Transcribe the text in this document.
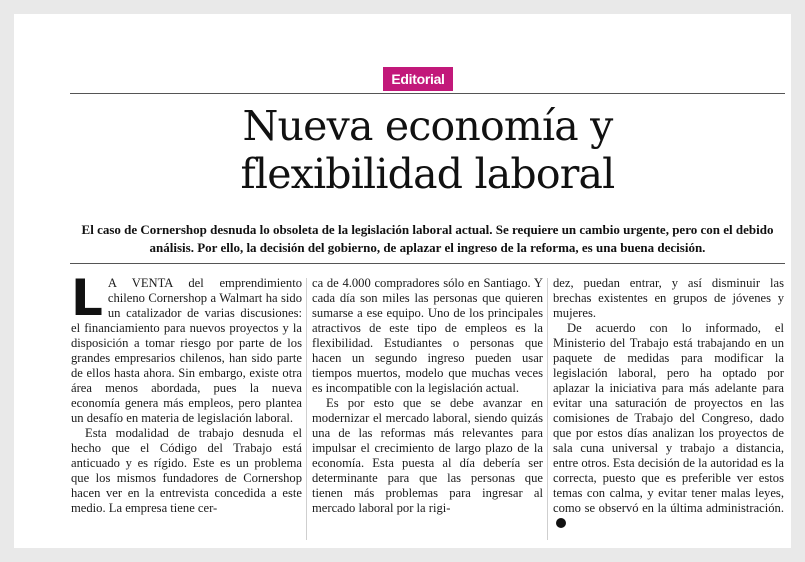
Editorial
Nueva economía y
flexibilidad laboral

El caso de Cornershop desnuda lo obsoleta de la legislación laboral actual. Se requiere un cambio urgente, pero con el debido análisis. Por ello, la decisión del gobierno, de aplazar el ingreso de la reforma, es una buena decisión.

L A VENTA del emprendimiento chileno Cornershop a Walmart ha sido un catalizador de varias discusiones: el financiamiento para nuevos proyectos y la disposición a tomar riesgo por parte de los grandes empresarios chilenos, han sido parte de ellos hasta ahora. Sin embargo, existe otra área menos abordada, pues la nueva economía genera más empleos, pero plantea un desafío en materia de legislación laboral.

Esta modalidad de trabajo desnuda el hecho que el Código del Trabajo está anticuado y es rígido. Este es un problema que los mismos fundadores de Cornershop hacen ver en la entrevista concedida a este medio. La empresa tiene cer-

ca de 4.000 compradores sólo en Santiago. Y cada día son miles las personas que quieren sumarse a ese equipo. Uno de los principales atractivos de este tipo de empleos es la flexibilidad. Estudiantes o personas que hacen un segundo ingreso pueden usar tiempos muertos, modelo que muchas veces es incompatible con la legislación actual.

Es por esto que se debe avanzar en modernizar el mercado laboral, siendo quizás una de las reformas más relevantes para impulsar el crecimiento de largo plazo de la economía. Esta puesta al día debería ser determinante para que las personas que tienen más problemas para ingresar al mercado laboral por la rigi-

dez, puedan entrar, y así disminuir las brechas existentes en grupos de jóvenes y mujeres.

De acuerdo con lo informado, el Ministerio del Trabajo está trabajando en un paquete de medidas para modificar la legislación laboral, pero ha optado por aplazar la iniciativa para más adelante para evitar una saturación de proyectos en las comisiones de Trabajo del Congreso, dado que por estos días analizan los proyectos de sala cuna universal y trabajo a distancia, entre otros. Esta decisión de la autoridad es la correcta, puesto que es preferible ver estos temas con calma, y evitar tener malas leyes, como se observó en la última administración.
